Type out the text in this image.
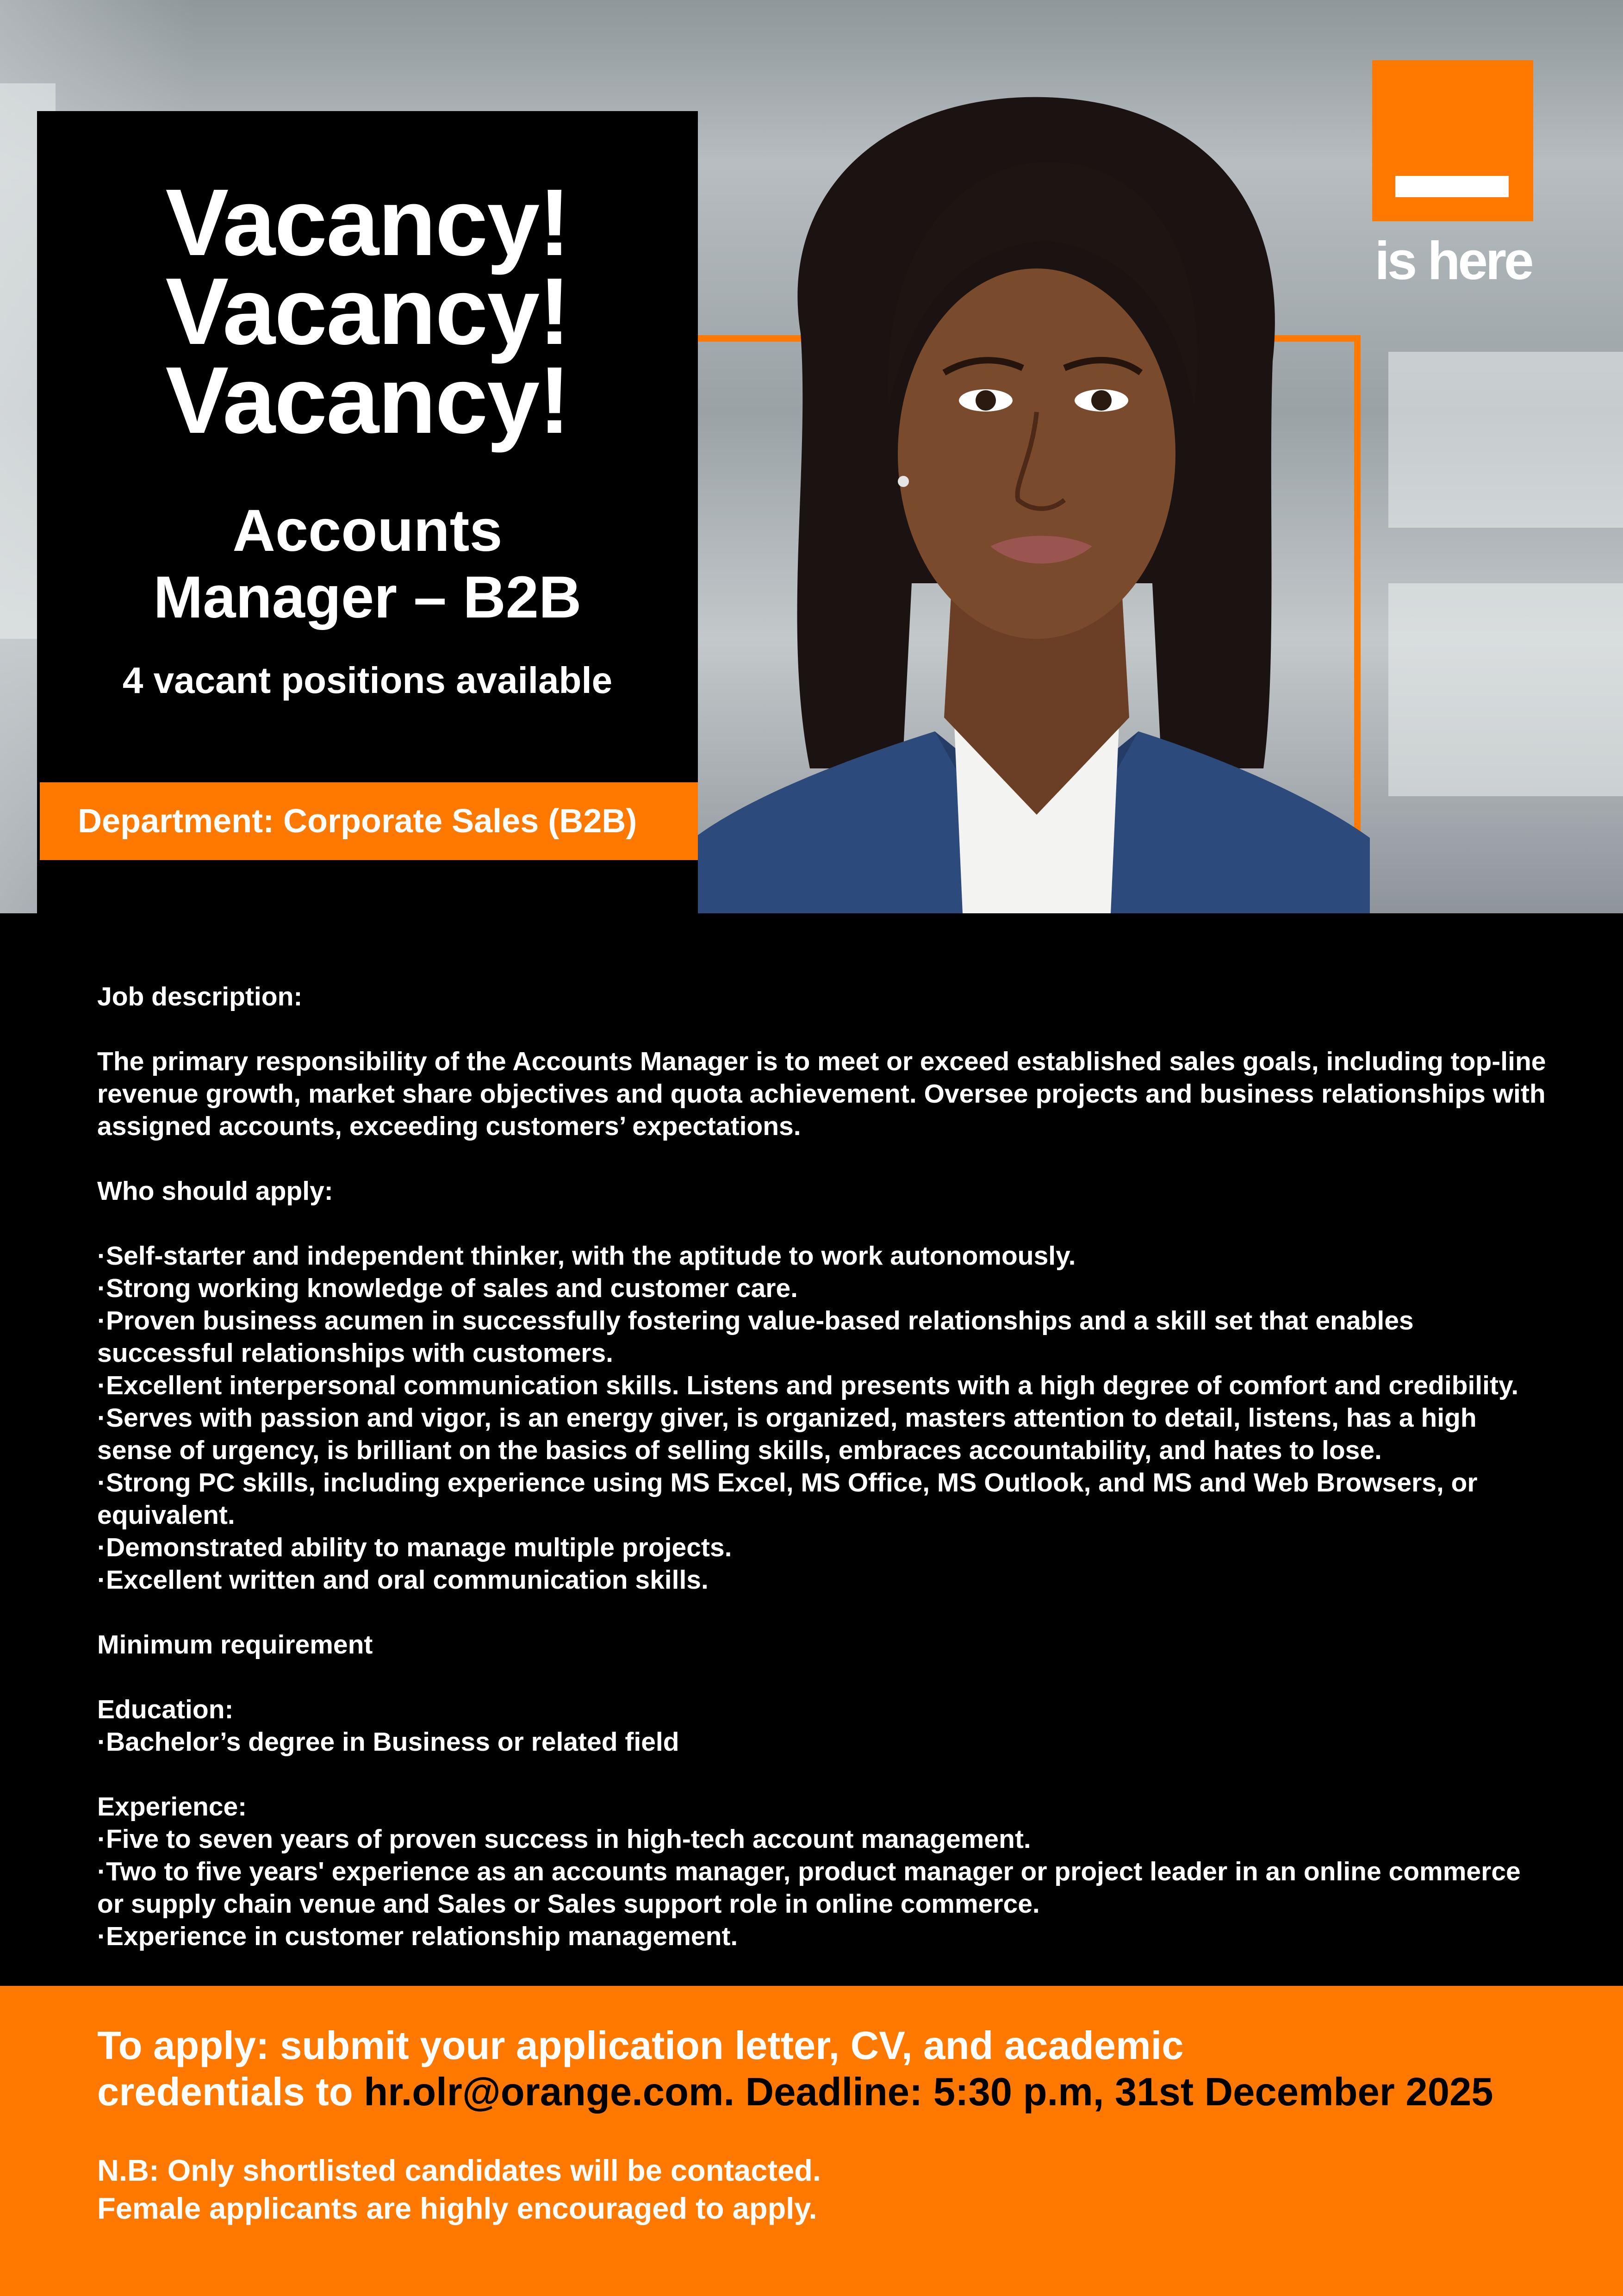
Vacancy!
Vacancy!
Vacancy!
Accounts
Manager – B2B
4 vacant positions available
Department: Corporate Sales (B2B)
is here

Job description:

The primary responsibility of the Accounts Manager is to meet or exceed established sales goals, including top-line revenue growth, market share objectives and quota achievement. Oversee projects and business relationships with assigned accounts, exceeding customers’ expectations.

Who should apply:

·Self-starter and independent thinker, with the aptitude to work autonomously.

·Strong working knowledge of sales and customer care.

·Proven business acumen in successfully fostering value-based relationships and a skill set that enables successful relationships with customers.

·Excellent interpersonal communication skills. Listens and presents with a high degree of comfort and credibility.

·Serves with passion and vigor, is an energy giver, is organized, masters attention to detail, listens, has a high sense of urgency, is brilliant on the basics of selling skills, embraces accountability, and hates to lose.

·Strong PC skills, including experience using MS Excel, MS Office, MS Outlook, and MS and Web Browsers, or equivalent.

·Demonstrated ability to manage multiple projects.

·Excellent written and oral communication skills.

Minimum requirement

Education:

·Bachelor’s degree in Business or related field

Experience:

·Five to seven years of proven success in high-tech account management.

·Two to five years' experience as an accounts manager, product manager or project leader in an online commerce or supply chain venue and Sales or Sales support role in online commerce.

·Experience in customer relationship management.

To apply: submit your application letter, CV, and academic
credentials to hr.olr@orange.com. Deadline: 5:30 p.m, 31st December 2025
N.B: Only shortlisted candidates will be contacted.
Female applicants are highly encouraged to apply.
